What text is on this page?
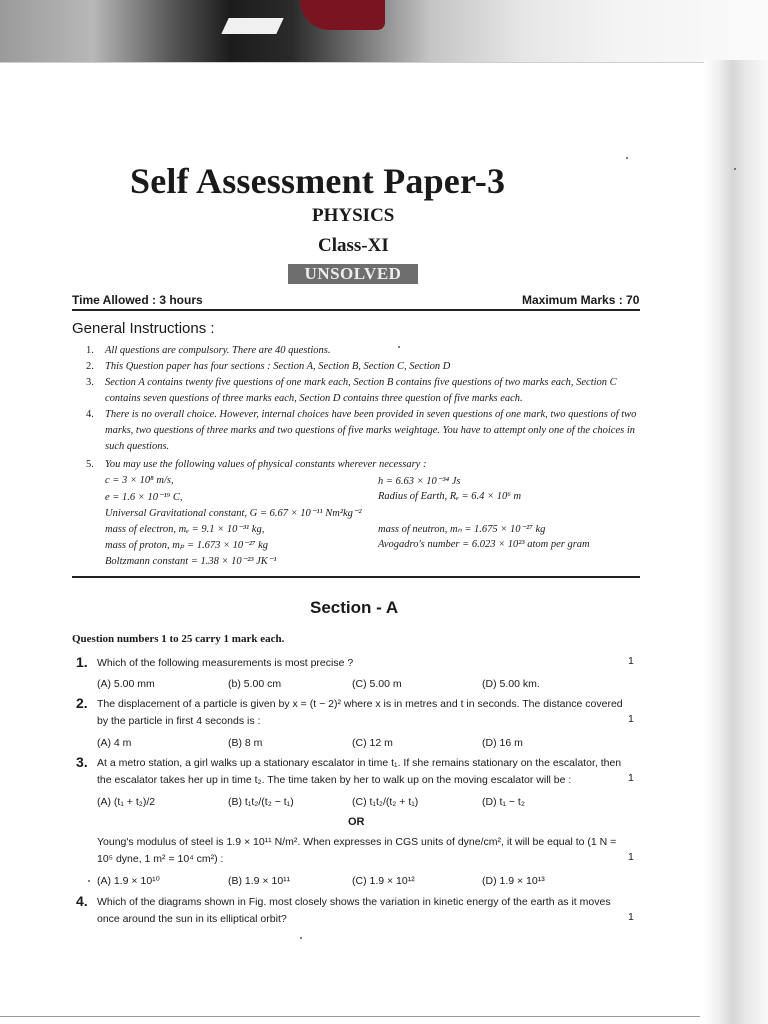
Self Assessment Paper-3
PHYSICS
Class-XI
UNSOLVED
Time Allowed : 3 hours	Maximum Marks : 70
General Instructions :
1.	All questions are compulsory. There are 40 questions.
2.	This Question paper has four sections : Section A, Section B, Section C, Section D
3.	Section A contains twenty five questions of one mark each, Section B contains five questions of two marks each, Section C contains seven questions of three marks each, Section D contains three question of five marks each.
4.	There is no overall choice. However, internal choices have been provided in seven questions of one mark, two questions of two marks, two questions of three marks and two questions of five marks weightage. You have to attempt only one of the choices in such questions.
5.	You may use the following values of physical constants wherever necessary :
c = 3 × 10⁸ m/s,	h = 6.63 × 10⁻³⁴ Js
e = 1.6 × 10⁻¹⁹ C,	Radius of Earth, Rₑ = 6.4 × 10⁶ m
Universal Gravitational constant, G = 6.67 × 10⁻¹¹ Nm²kg⁻²
mass of electron, mₑ = 9.1 × 10⁻³¹ kg,	mass of neutron, mₙ = 1.675 × 10⁻²⁷ kg
mass of proton, mₚ = 1.673 × 10⁻²⁷ kg	Avogadro's number = 6.023 × 10²³ atom per gram
Boltzmann constant = 1.38 × 10⁻²³ JK⁻¹
Section - A
Question numbers 1 to 25 carry 1 mark each.
1. Which of the following measurements is most precise ?	1
(A) 5.00 mm	(b) 5.00 cm	(C) 5.00 m	(D) 5.00 km.
2. The displacement of a particle is given by x = (t − 2)² where x is in metres and t in seconds. The distance covered by the particle in first 4 seconds is :	1
(A) 4 m	(B) 8 m	(C) 12 m	(D) 16 m
3. At a metro station, a girl walks up a stationary escalator in time t₁. If she remains stationary on the escalator, then the escalator takes her up in time t₂. The time taken by her to walk up on the moving escalator will be :	1
(A) (t₁ + t₂)/2	(B) t₁t₂/(t₂ − t₁)	(C) t₁t₂/(t₂ + t₁)	(D) t₁ − t₂
OR
Young's modulus of steel is 1.9 × 10¹¹ N/m². When expresses in CGS units of dyne/cm², it will be equal to (1 N = 10⁵ dyne, 1 m² = 10⁴ cm²) :	1
(A) 1.9 × 10¹⁰	(B) 1.9 × 10¹¹	(C) 1.9 × 10¹²	(D) 1.9 × 10¹³
4. Which of the diagrams shown in Fig. most closely shows the variation in kinetic energy of the earth as it moves once around the sun in its elliptical orbit?	1
